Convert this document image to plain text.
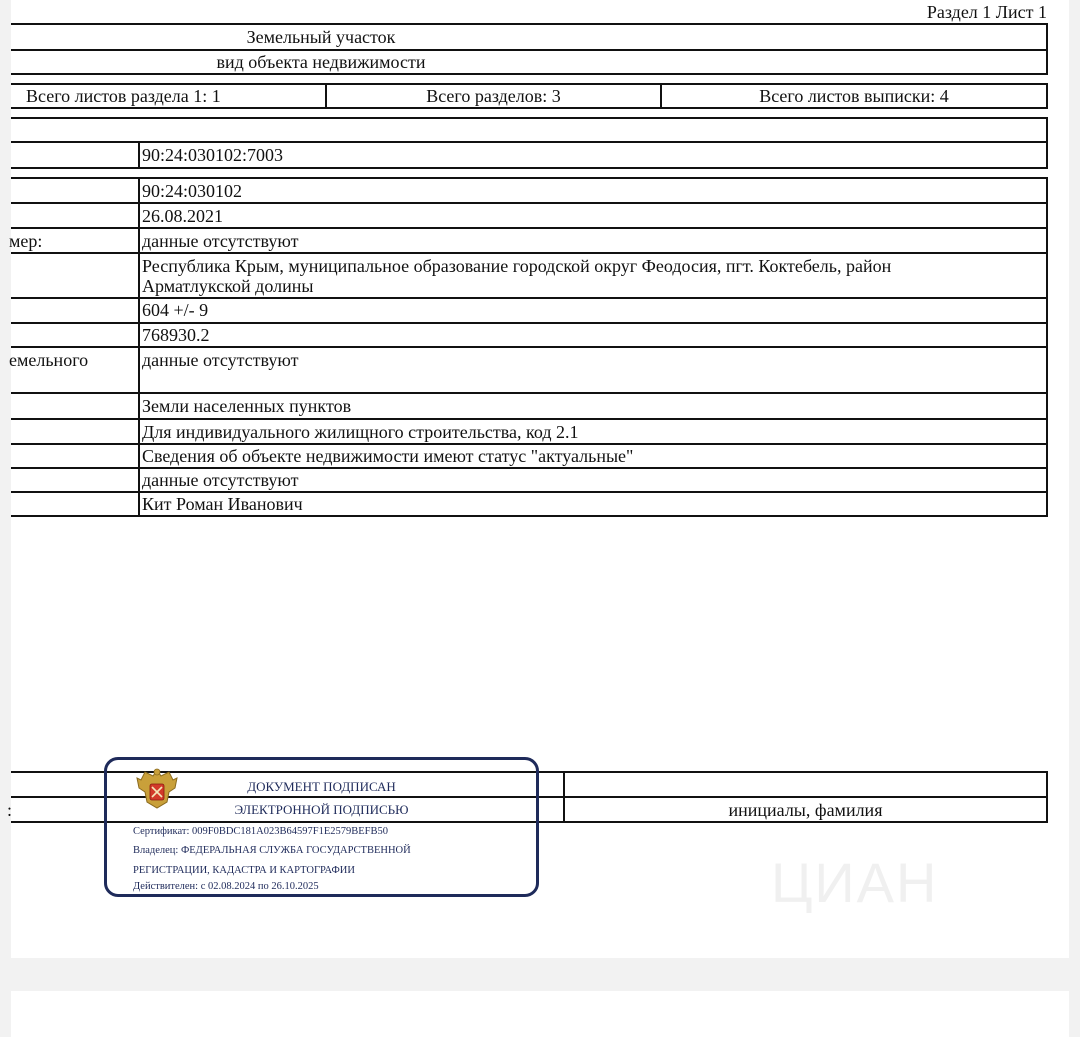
Раздел 1 Лист 1
Земельный участок
вид объекта недвижимости
Всего листов раздела 1: 1	Всего разделов: 3	Всего листов выписки: 4
90:24:030102:7003
90:24:030102
26.08.2021
мер:	данные отсутствуют
Республика Крым, муниципальное образование городской округ Феодосия, пгт. Коктебель, район
Арматлукской долины
604 +/- 9
768930.2
емельного	данные отсутствуют
Земли населенных пунктов
Для индивидуального жилищного строительства, код 2.1
Сведения об объекте недвижимости имеют статус "актуальные"
данные отсутствуют
Кит Роман Иванович
:	инициалы, фамилия
ЦИАН
ДОКУМЕНТ ПОДПИСАН
ЭЛЕКТРОННОЙ ПОДПИСЬЮ
Сертификат: 009F0BDC181A023B64597F1E2579BEFB50
Владелец: ФЕДЕРАЛЬНАЯ СЛУЖБА ГОСУДАРСТВЕННОЙ
РЕГИСТРАЦИИ, КАДАСТРА И КАРТОГРАФИИ
Действителен: с 02.08.2024 по 26.10.2025
